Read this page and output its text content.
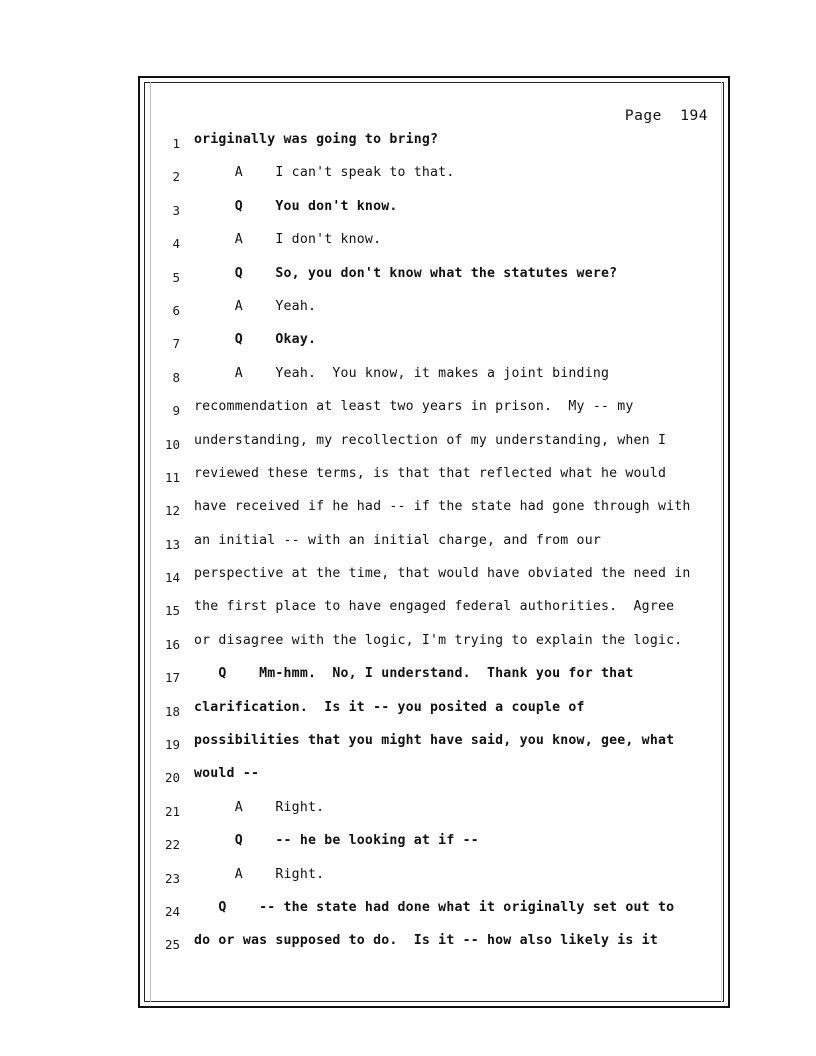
Page  194
1 originally was going to bring?
2 A    I can't speak to that.
3 Q    You don't know.
4 A    I don't know.
5 Q    So, you don't know what the statutes were?
6 A    Yeah.
7 Q    Okay.
8 A    Yeah.  You know, it makes a joint binding
9 recommendation at least two years in prison.  My -- my
10 understanding, my recollection of my understanding, when I
11 reviewed these terms, is that that reflected what he would
12 have received if he had -- if the state had gone through with
13 an initial -- with an initial charge, and from our
14 perspective at the time, that would have obviated the need in
15 the first place to have engaged federal authorities.  Agree
16 or disagree with the logic, I'm trying to explain the logic.
17 Q    Mm-hmm.  No, I understand.  Thank you for that
18 clarification.  Is it -- you posited a couple of
19 possibilities that you might have said, you know, gee, what
20 would --
21 A    Right.
22 Q    -- he be looking at if --
23 A    Right.
24 Q    -- the state had done what it originally set out to
25 do or was supposed to do.  Is it -- how also likely is it
